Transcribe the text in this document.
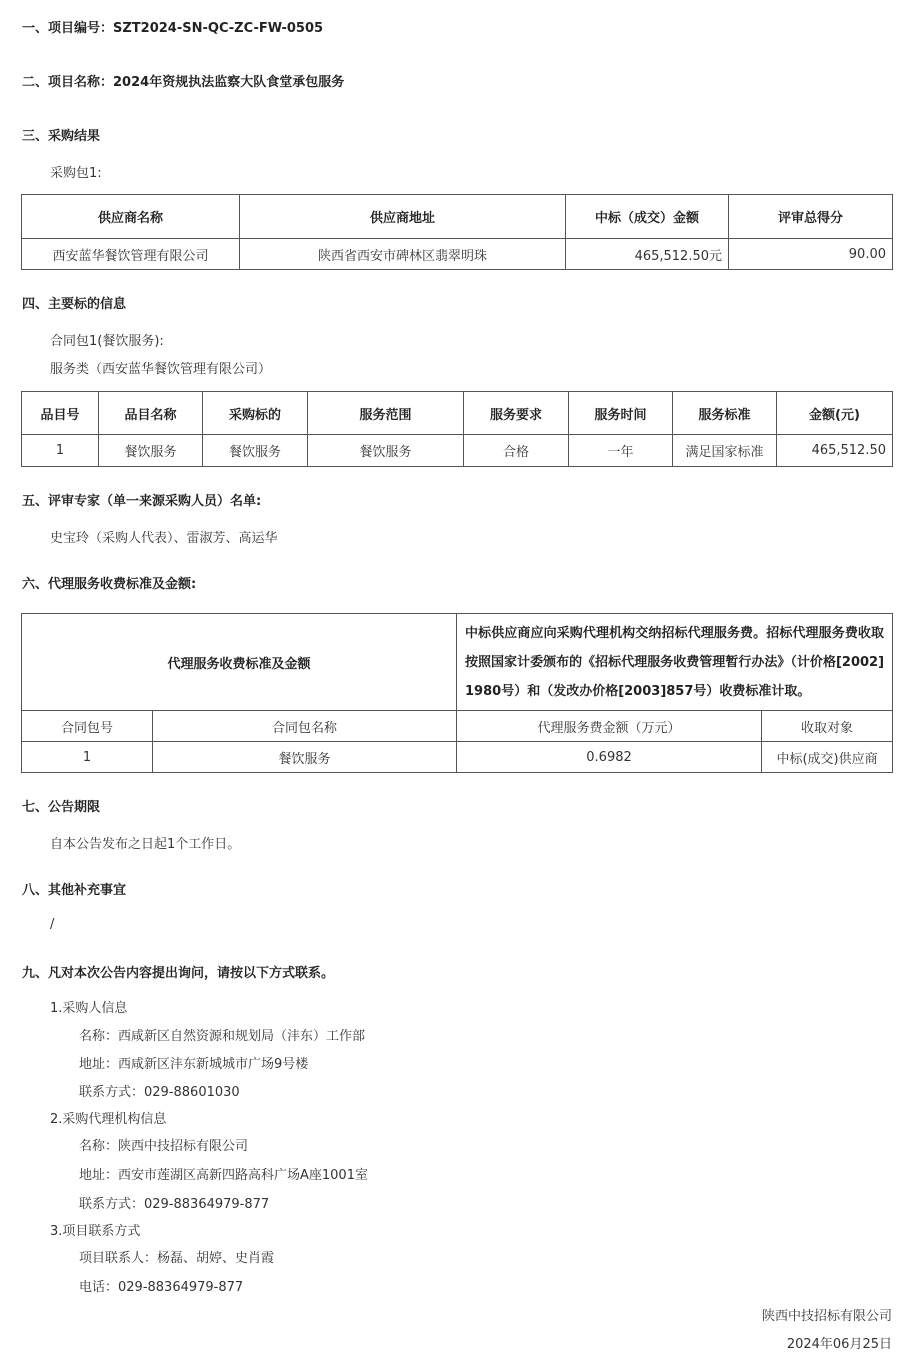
一、项目编号：SZT2024-SN-QC-ZC-FW-0505
二、项目名称：2024年资规执法监察大队食堂承包服务
三、采购结果
采购包1:
供应商名称	供应商地址	中标（成交）金额	评审总得分
西安蓝华餐饮管理有限公司	陕西省西安市碑林区翡翠明珠	465,512.50元	90.00
四、主要标的信息
合同包1(餐饮服务):
服务类（西安蓝华餐饮管理有限公司）
品目号	品目名称	采购标的	服务范围	服务要求	服务时间	服务标准	金额(元)
1	餐饮服务	餐饮服务	餐饮服务	合格	一年	满足国家标准	465,512.50
五、评审专家（单一来源采购人员）名单:
史宝玲（采购人代表）、雷淑芳、高运华
六、代理服务收费标准及金额:
代理服务收费标准及金额		中标供应商应向采购代理机构交纳招标代理服务费。招标代理服务费收取按照国家计委颁布的《招标代理服务收费管理暂行办法》（计价格[2002]1980号）和（发改办价格[2003]857号）收费标准计取。	
合同包号	合同包名称	代理服务费金额（万元）	收取对象
1	餐饮服务	0.6982	中标(成交)供应商
七、公告期限
自本公告发布之日起1个工作日。
八、其他补充事宜
/
九、凡对本次公告内容提出询问，请按以下方式联系。
1.采购人信息
名称：西咸新区自然资源和规划局（沣东）工作部
地址：西咸新区沣东新城城市广场9号楼
联系方式：029-88601030
2.采购代理机构信息
名称：陕西中技招标有限公司
地址：西安市莲湖区高新四路高科广场A座1001室
联系方式：029-88364979-877
3.项目联系方式
项目联系人：杨磊、胡婷、史肖霞
电话：029-88364979-877
陕西中技招标有限公司
2024年06月25日
